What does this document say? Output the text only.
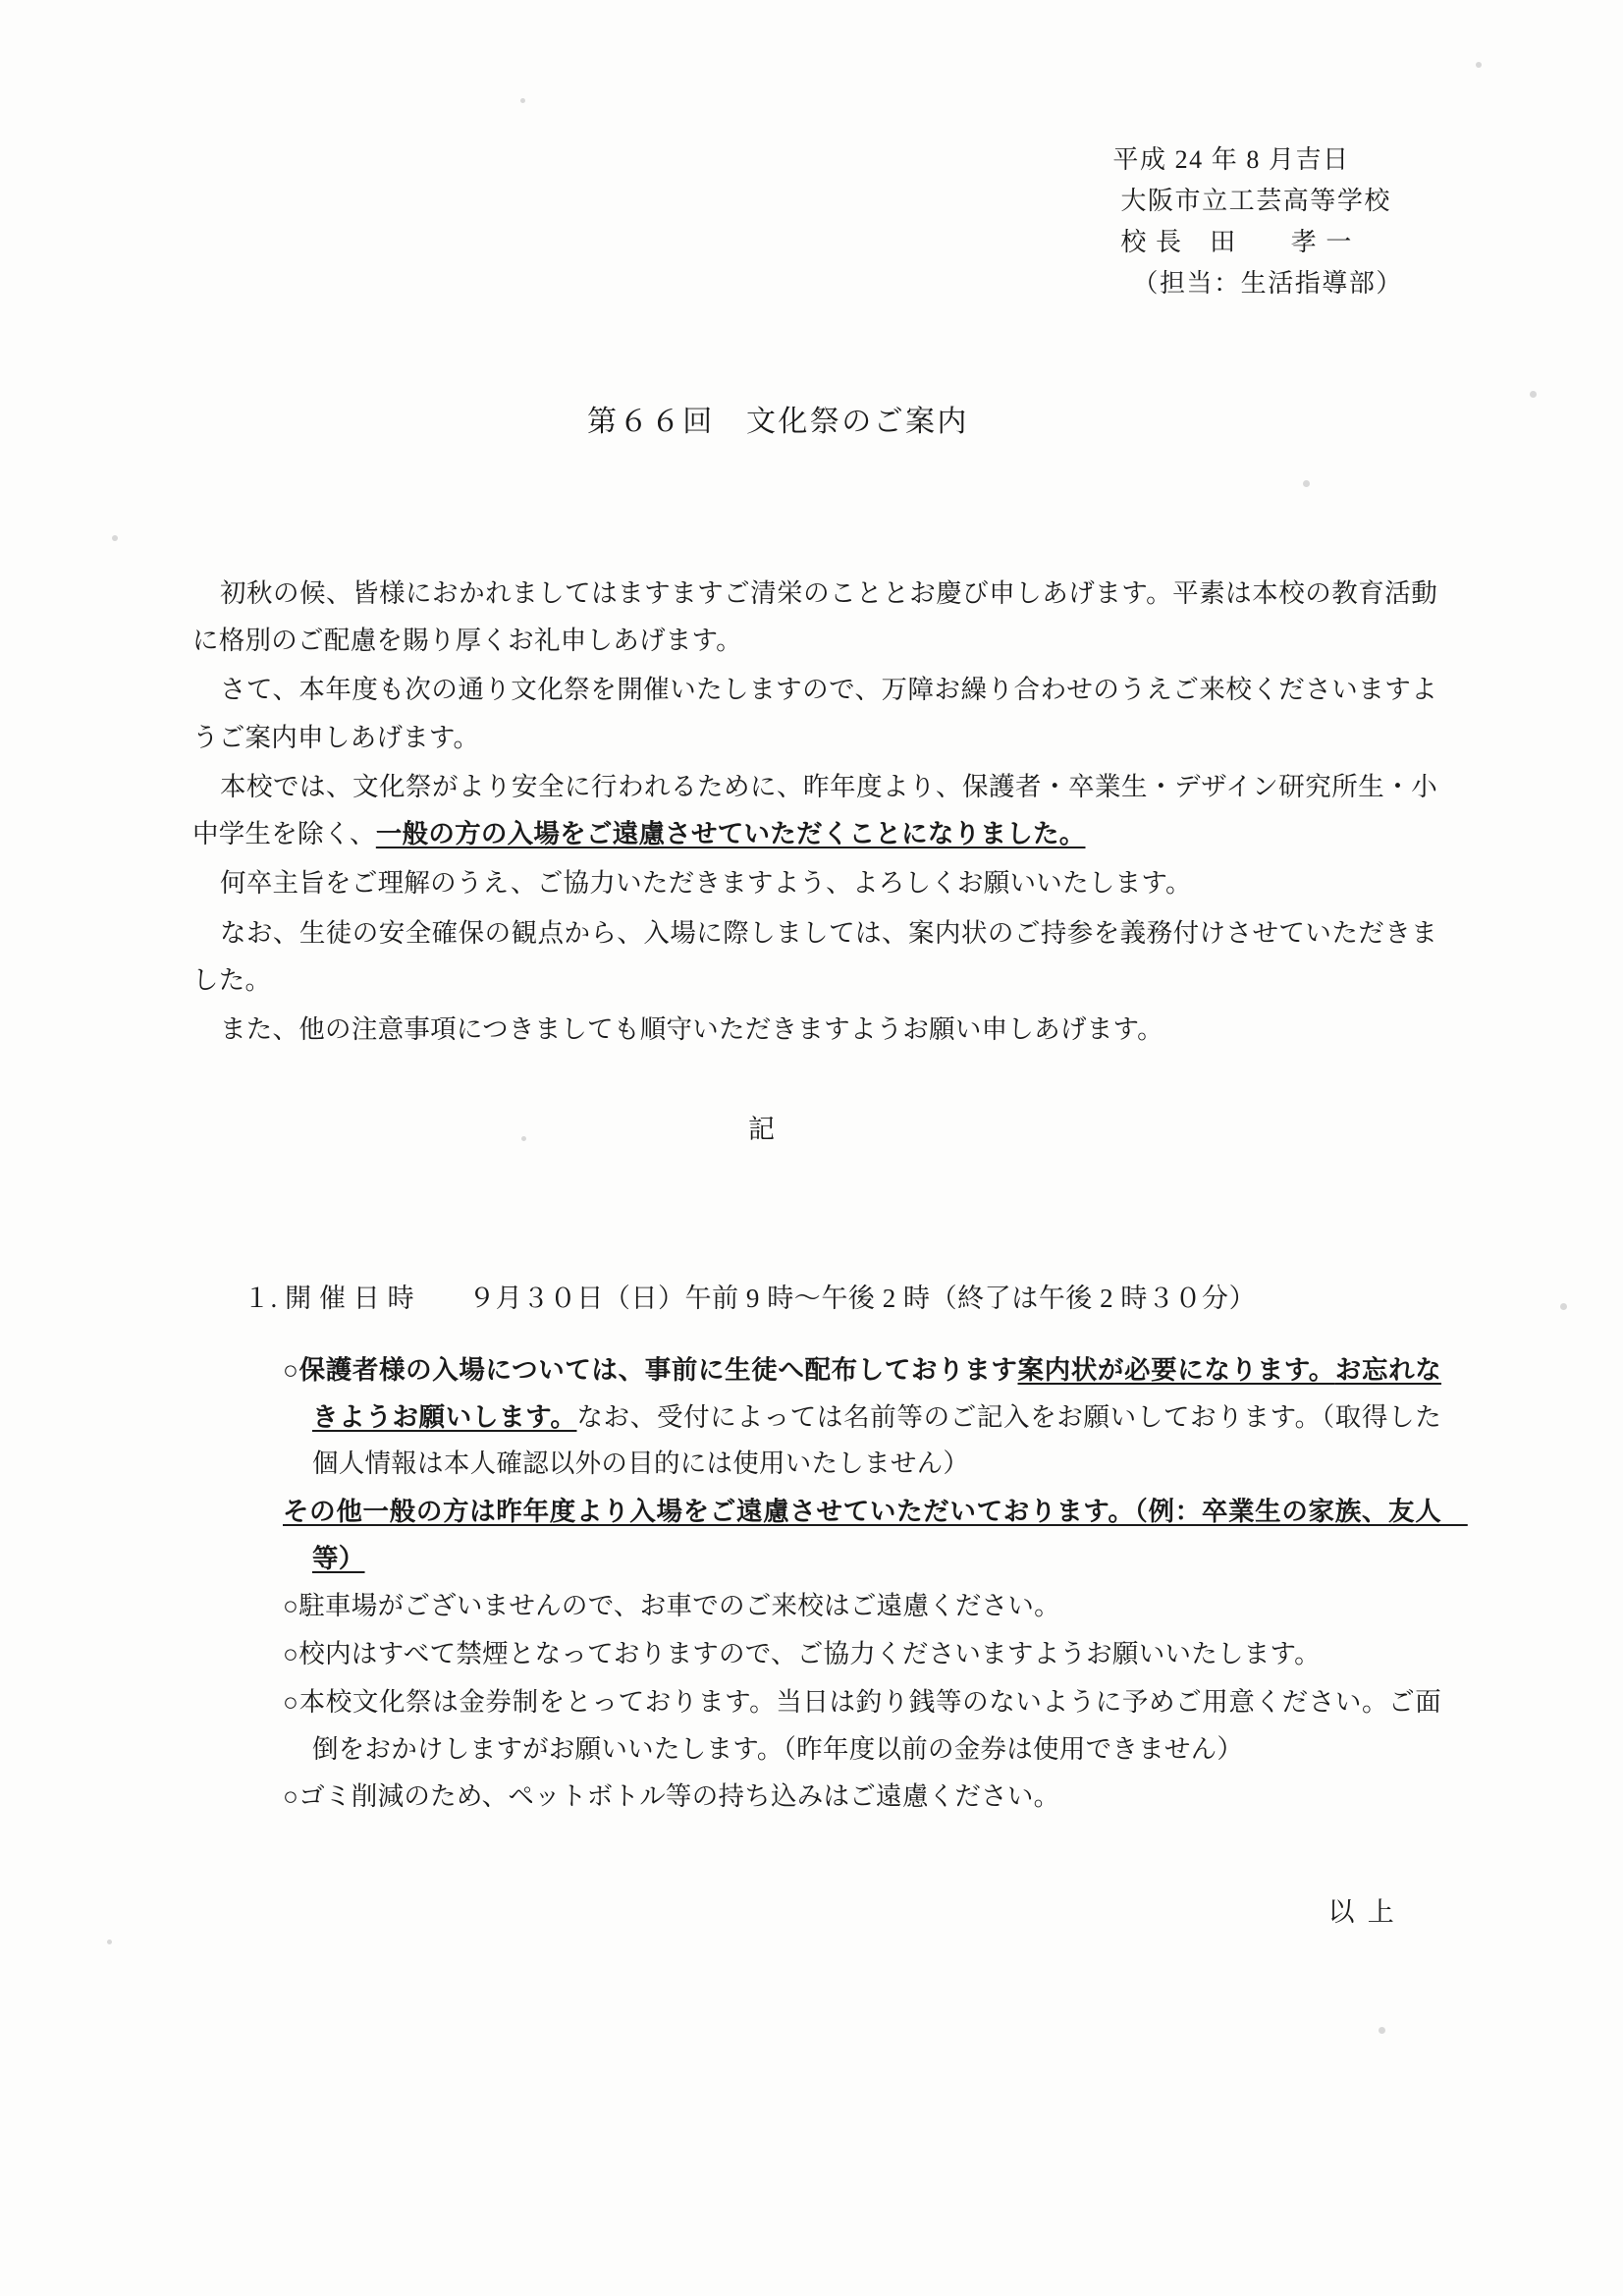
平成 24 年 8 月吉日
大阪市立工芸高等学校
校 長　田　　孝 一
（担当：生活指導部）
第６６回　文化祭のご案内

初秋の候、皆様におかれましてはますますご清栄のこととお慶び申しあげます。平素は本校の教育活動に格別のご配慮を賜り厚くお礼申しあげます。

さて、本年度も次の通り文化祭を開催いたしますので、万障お繰り合わせのうえご来校くださいますようご案内申しあげます。

本校では、文化祭がより安全に行われるために、昨年度より、保護者・卒業生・デザイン研究所生・小中学生を除く、一般の方の入場をご遠慮させていただくことになりました。

何卒主旨をご理解のうえ、ご協力いただきますよう、よろしくお願いいたします。

なお、生徒の安全確保の観点から、入場に際しましては、案内状のご持参を義務付けさせていただきました。

また、他の注意事項につきましても順守いただきますようお願い申しあげます。

記
１. 開 催 日 時　　９月３０日（日）午前 9 時〜午後 2 時（終了は午後 2 時３０分）

○保護者様の入場については、事前に生徒へ配布しております案内状が必要になります。お忘れなきようお願いします。なお、受付によっては名前等のご記入をお願いしております。（取得した個人情報は本人確認以外の目的には使用いたしません）

その他一般の方は昨年度より入場をご遠慮させていただいております。（例：卒業生の家族、友人　等）

○駐車場がございませんので、お車でのご来校はご遠慮ください。

○校内はすべて禁煙となっておりますので、ご協力くださいますようお願いいたします。

○本校文化祭は金券制をとっております。当日は釣り銭等のないように予めご用意ください。ご面倒をおかけしますがお願いいたします。（昨年度以前の金券は使用できません）

○ゴミ削減のため、ペットボトル等の持ち込みはご遠慮ください。

以 上
